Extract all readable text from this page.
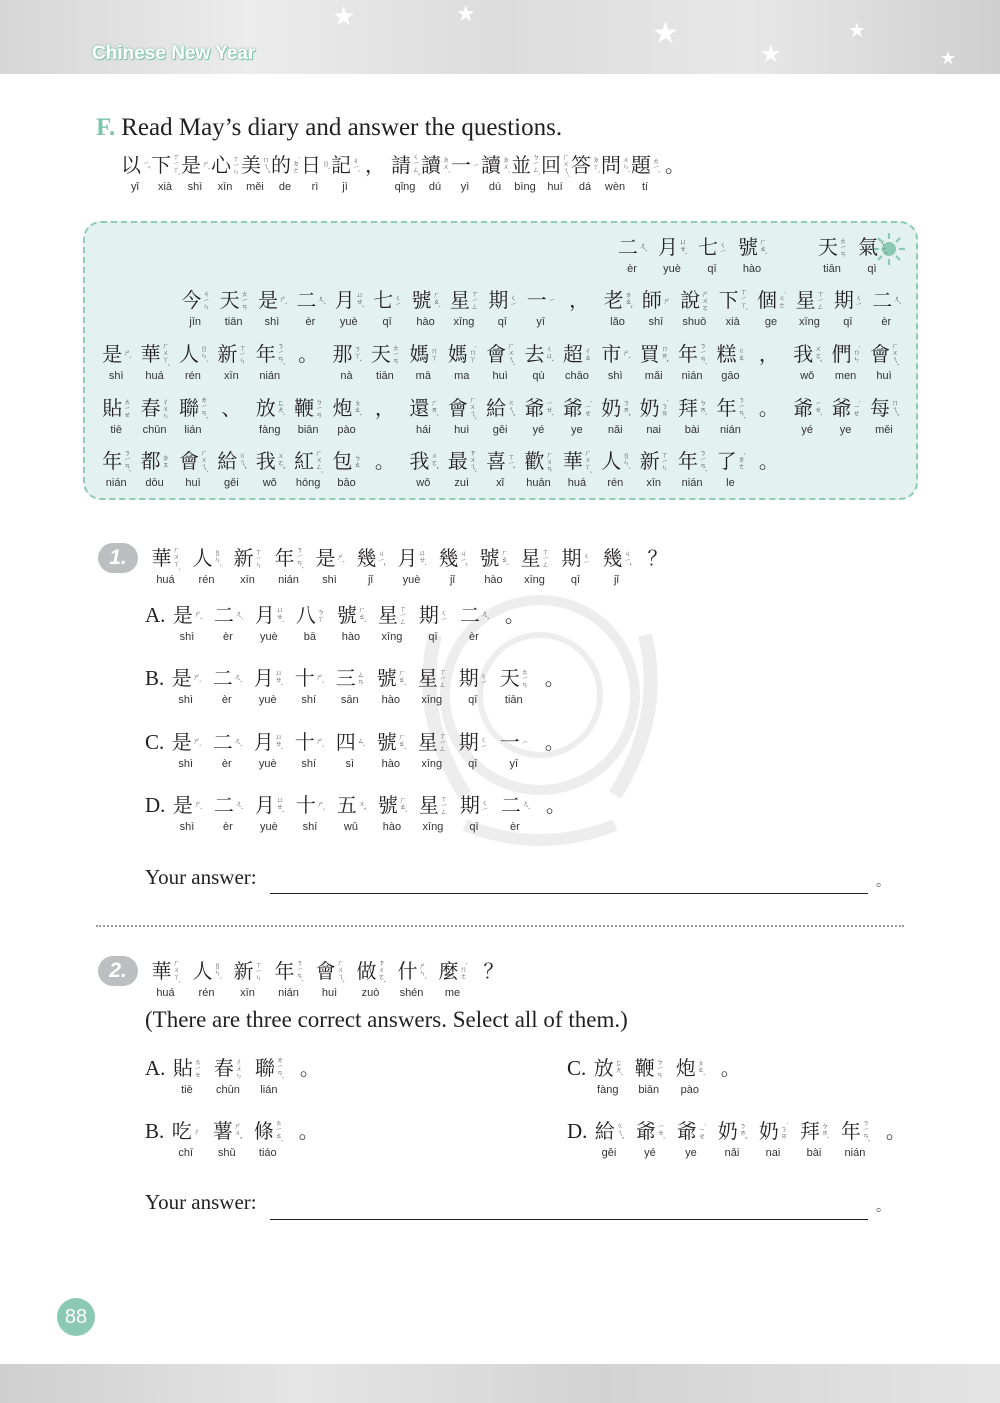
★	★
★
★
★
★
Chinese New Year
F. Read May’s diary and answer the questions.
以 ㄧˇ
yǐ
下 ㄒㄧㄚˋ
xià
是 ㄕˋ
shì
心 ㄒㄧㄣ
xīn
美 ㄇㄟˇ
měi
的 ˙ㄉㄜ
de
日 ㄖˋ
rì
記 ㄐㄧˋ
jì
， 請 ㄑㄧㄥˇ
qǐng
讀 ㄉㄨˊ
dú
一 ㄧ
yì
讀 ㄉㄨˊ
dú
並 ㄅㄧㄥˋ
bìng
回 ㄏㄨㄟˊ
huí
答 ㄉㄚˊ
dá
問 ㄨㄣˋ
wèn
題 ㄊㄧˊ
tí
。
二 ㄦˋ
èr
月 ㄩㄝˋ
yuè
七 ㄑㄧ
qī
號 ㄏㄠˋ
hào

天 ㄊㄧㄢ
tiān
氣 ㄑㄧˋ
qì
今 ㄐㄧㄣ
jīn
天 ㄊㄧㄢ
tiān
是 ㄕˋ
shì
二 ㄦˋ
èr
月 ㄩㄝˋ
yuè
七 ㄑㄧ
qī
號 ㄏㄠˋ
hào
星 ㄒㄧㄥ
xīng
期 ㄑㄧ
qī
一 ㄧ
yī
， 老 ㄌㄠˇ
lǎo
師 ㄕ
shī
說 ㄕㄨㄛ
shuō
下 ㄒㄧㄚˋ
xià
個 ˙ㄍㄜ
ge
星 ㄒㄧㄥ
xīng
期 ㄑㄧ
qī
二 ㄦˋ
èr
是 ㄕˋ
shì
華 ㄏㄨㄚˊ
huá
人 ㄖㄣˊ
rén
新 ㄒㄧㄣ
xīn
年 ㄋㄧㄢˊ
nián
。 那 ㄋㄚˋ
nà
天 ㄊㄧㄢ
tiān
媽 ㄇㄚ
mā
媽 ˙ㄇㄚ
ma
會 ㄏㄨㄟˋ
huì
去 ㄑㄩˋ
qù
超 ㄔㄠ
chāo
市 ㄕˋ
shì
買 ㄇㄞˇ
mǎi
年 ㄋㄧㄢˊ
nián
糕 ㄍㄠ
gāo
， 我 ㄨㄛˇ
wǒ
們 ˙ㄇㄣ
men
會 ㄏㄨㄟˋ
huì
貼 ㄊㄧㄝ
tiē
春 ㄔㄨㄣ
chūn
聯 ㄌㄧㄢˊ
lián
、 放 ㄈㄤˋ
fàng
鞭 ㄅㄧㄢ
biān
炮 ㄆㄠˋ
pào
， 還 ㄏㄞˊ
hái
會 ㄏㄨㄟˋ
huì
給 ㄍㄟˇ
gěi
爺 ㄧㄝˊ
yé
爺 ˙ㄧㄝ
ye
奶 ㄋㄞˇ
nǎi
奶 ˙ㄋㄞ
nai
拜 ㄅㄞˋ
bài
年 ㄋㄧㄢˊ
nián
。 爺 ㄧㄝˊ
yé
爺 ˙ㄧㄝ
ye
每 ㄇㄟˇ
měi
年 ㄋㄧㄢˊ
nián
都 ㄉㄡ
dōu
會 ㄏㄨㄟˋ
huì
給 ㄍㄟˇ
gěi
我 ㄨㄛˇ
wǒ
紅 ㄏㄨㄥˊ
hóng
包 ㄅㄠ
bāo
。 我 ㄨㄛˇ
wǒ
最 ㄗㄨㄟˋ
zuì
喜 ㄒㄧˇ
xǐ
歡 ㄏㄨㄢ
huān
華 ㄏㄨㄚˊ
huá
人 ㄖㄣˊ
rén
新 ㄒㄧㄣ
xīn
年 ㄋㄧㄢˊ
nián
了 ˙ㄌㄜ
le
。
1.	華 ㄏㄨㄚˊ
huá
人 ㄖㄣˊ
rén
新 ㄒㄧㄣ
xīn
年 ㄋㄧㄢˊ
nián
是 ㄕˋ
shì
幾 ㄐㄧˇ
jǐ
月 ㄩㄝˋ
yuè
幾 ㄐㄧˇ
jǐ
號 ㄏㄠˋ
hào
星 ㄒㄧㄥ
xīng
期 ㄑㄧ
qī
幾 ㄐㄧˇ
jǐ
？
A. 是 ㄕˋ
shì
二 ㄦˋ
èr
月 ㄩㄝˋ
yuè
八 ㄅㄚ
bā
號 ㄏㄠˋ
hào
星 ㄒㄧㄥ
xīng
期 ㄑㄧ
qī
二 ㄦˋ
èr
。
B. 是 ㄕˋ
shì
二 ㄦˋ
èr
月 ㄩㄝˋ
yuè
十 ㄕˊ
shí
三 ㄙㄢ
sān
號 ㄏㄠˋ
hào
星 ㄒㄧㄥ
xīng
期 ㄑㄧ
qī
天 ㄊㄧㄢ
tiān
。
C. 是 ㄕˋ
shì
二 ㄦˋ
èr
月 ㄩㄝˋ
yuè
十 ㄕˊ
shí
四 ㄙˋ
sì
號 ㄏㄠˋ
hào
星 ㄒㄧㄥ
xīng
期 ㄑㄧ
qī
一 ㄧ
yī
。
D. 是 ㄕˋ
shì
二 ㄦˋ
èr
月 ㄩㄝˋ
yuè
十 ㄕˊ
shí
五 ㄨˇ
wǔ
號 ㄏㄠˋ
hào
星 ㄒㄧㄥ
xīng
期 ㄑㄧ
qī
二 ㄦˋ
èr
。
Your answer:	。
2.	華 ㄏㄨㄚˊ
huá
人 ㄖㄣˊ
rén
新 ㄒㄧㄣ
xīn
年 ㄋㄧㄢˊ
nián
會 ㄏㄨㄟˋ
huì
做 ㄗㄨㄛˋ
zuò
什 ㄕㄣˊ
shén
麼 ˙ㄇㄜ
me
？
(There are three correct answers. Select all of them.)
A. 貼 ㄊㄧㄝ
tiē
春 ㄔㄨㄣ
chūn
聯 ㄌㄧㄢˊ
lián
。
B. 吃 ㄔ
chī
薯 ㄕㄨˇ
shǔ
條 ㄊㄧㄠˊ
tiáo
。
C. 放 ㄈㄤˋ
fàng
鞭 ㄅㄧㄢ
biān
炮 ㄆㄠˋ
pào
。
D. 給 ㄍㄟˇ
gěi
爺 ㄧㄝˊ
yé
爺 ˙ㄧㄝ
ye
奶 ㄋㄞˇ
nǎi
奶 ˙ㄋㄞ
nai
拜 ㄅㄞˋ
bài
年 ㄋㄧㄢˊ
nián
。
Your answer:	。
88
